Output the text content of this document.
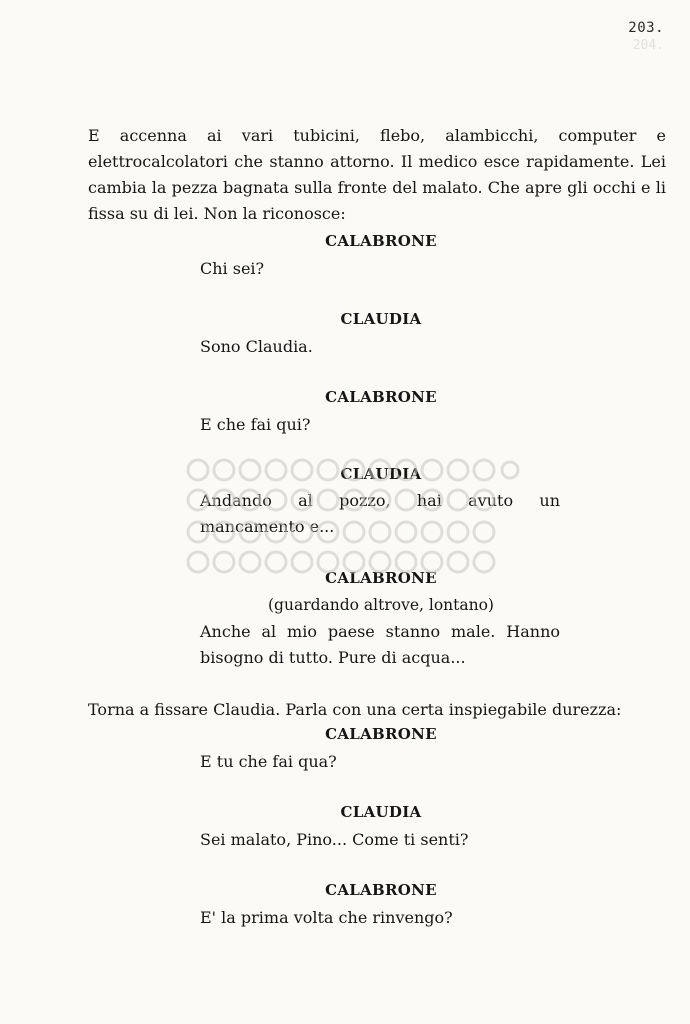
203.
204.

E accenna ai vari tubicini, flebo, alambicchi, computer e elettrocalcolatori che stanno attorno. Il medico esce rapidamente. Lei cambia la pezza bagnata sulla fronte del malato. Che apre gli occhi e li fissa su di lei. Non la riconosce:

CALABRONE

Chi sei?

CLAUDIA

Sono Claudia.

CALABRONE

E che fai qui?

CLAUDIA

Andando al pozzo, hai avuto un mancamento e...

CALABRONE
(guardando altrove, lontano)

Anche al mio paese stanno male. Hanno bisogno di tutto. Pure di acqua...

Torna a fissare Claudia. Parla con una certa inspiegabile durezza:

CALABRONE

E tu che fai qua?

CLAUDIA

Sei malato, Pino... Come ti senti?

CALABRONE

E' la prima volta che rinvengo?
